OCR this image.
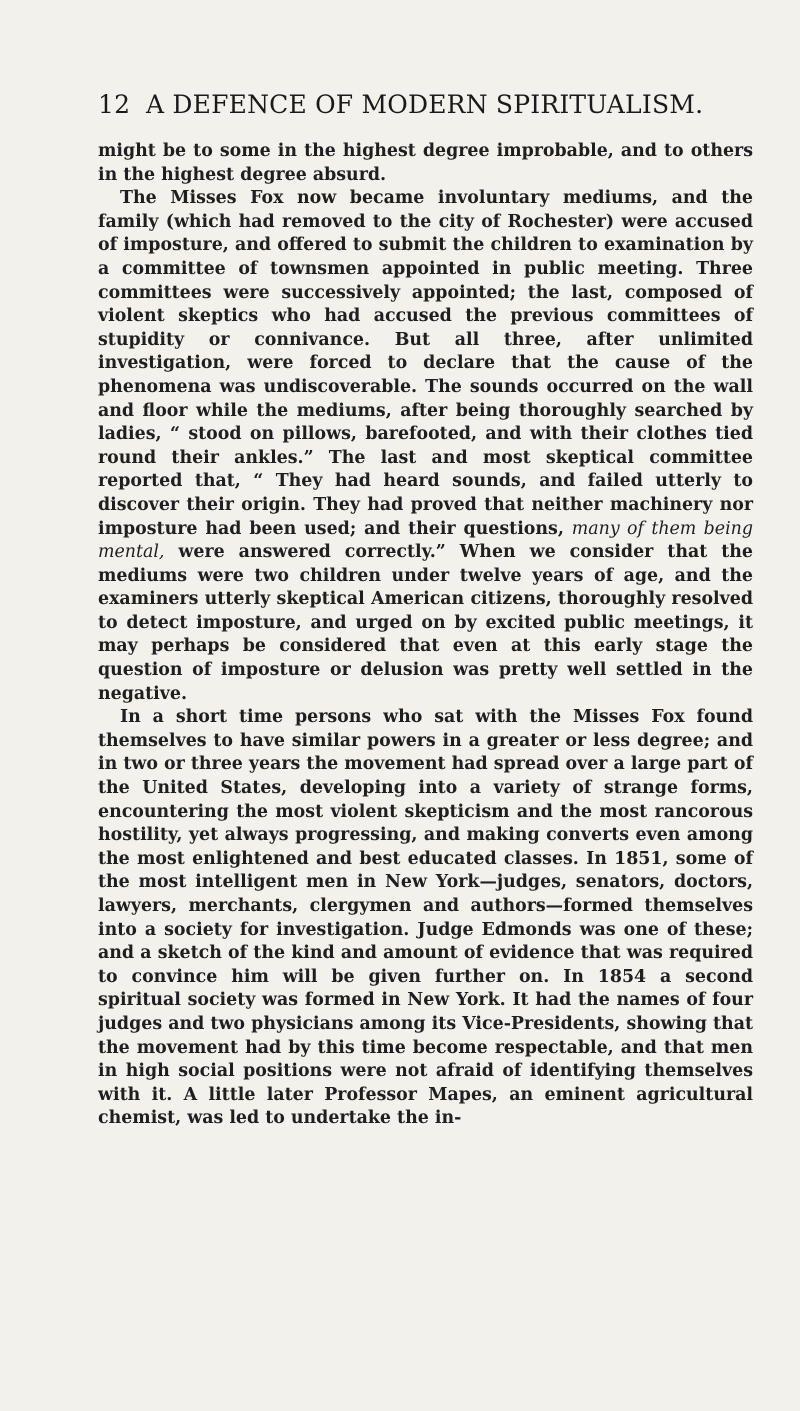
12 A DEFENCE OF MODERN SPIRITUALISM.

might be to some in the highest degree improbable, and to others in the highest degree absurd.

The Misses Fox now became involuntary mediums, and the family (which had removed to the city of Rochester) were accused of imposture, and offered to submit the children to examination by a committee of townsmen appointed in public meeting. Three committees were successively appointed; the last, composed of violent skeptics who had accused the previous committees of stupidity or connivance. But all three, after unlimited investigation, were forced to declare that the cause of the phenomena was undiscoverable. The sounds occurred on the wall and floor while the mediums, after being thoroughly searched by ladies, “ stood on pillows, barefooted, and with their clothes tied round their ankles.” The last and most skeptical committee reported that, “ They had heard sounds, and failed utterly to discover their origin. They had proved that neither machinery nor imposture had been used; and their questions, many of them being mental, were answered correctly.” When we consider that the mediums were two children under twelve years of age, and the examiners utterly skeptical American citizens, thoroughly resolved to detect imposture, and urged on by excited public meetings, it may perhaps be considered that even at this early stage the question of imposture or delusion was pretty well settled in the negative.

In a short time persons who sat with the Misses Fox found themselves to have similar powers in a greater or less degree; and in two or three years the movement had spread over a large part of the United States, developing into a variety of strange forms, encountering the most violent skepticism and the most rancorous hostility, yet always progressing, and making converts even among the most enlightened and best educated classes. In 1851, some of the most intelligent men in New York—judges, senators, doctors, lawyers, merchants, clergymen and authors—formed themselves into a society for investigation. Judge Edmonds was one of these; and a sketch of the kind and amount of evidence that was required to convince him will be given further on. In 1854 a second spiritual society was formed in New York. It had the names of four judges and two physicians among its Vice-Presidents, showing that the movement had by this time become respectable, and that men in high social positions were not afraid of identifying themselves with it. A little later Professor Mapes, an eminent agricultural chemist, was led to undertake the in-
